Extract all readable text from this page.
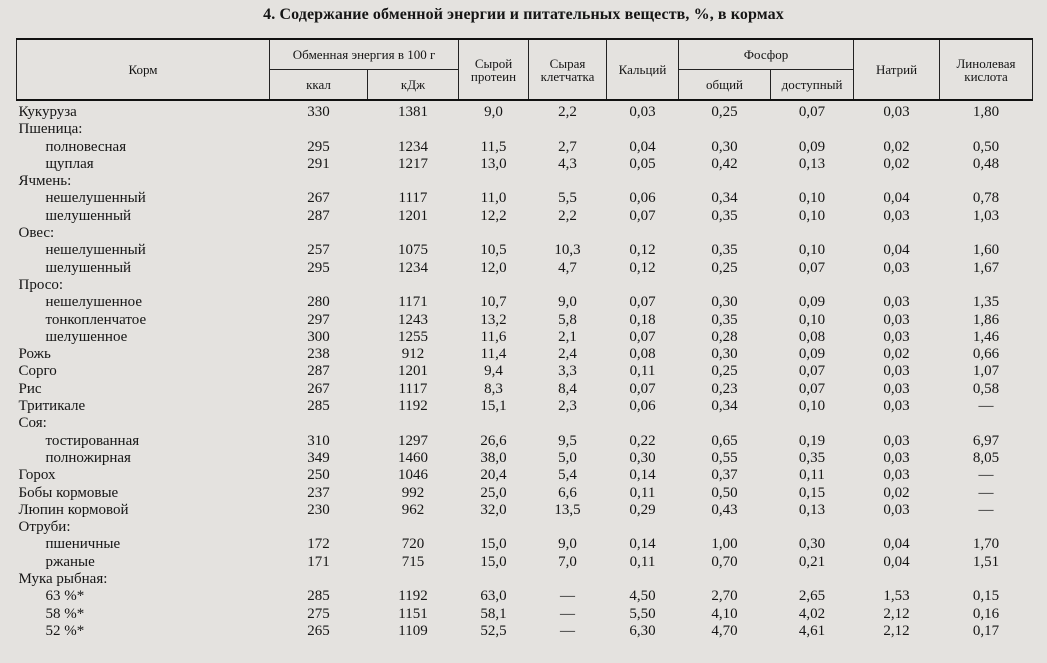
4. Содержание обменной энергии и питательных веществ, %, в кормах
Корм	Обменная энергия в 100 г		Сырой протеин	Сырая клетчатка	Кальций	Фосфор		Натрий	Линолевая кислота
	ккал	кДж				общий	доступный		
Кукуруза	330	1381	9,0	2,2	0,03	0,25	0,07	0,03	1,80
Пшеница:									
полновесная	295	1234	11,5	2,7	0,04	0,30	0,09	0,02	0,50
щуплая	291	1217	13,0	4,3	0,05	0,42	0,13	0,02	0,48
Ячмень:									
нешелушенный	267	1117	11,0	5,5	0,06	0,34	0,10	0,04	0,78
шелушенный	287	1201	12,2	2,2	0,07	0,35	0,10	0,03	1,03
Овес:									
нешелушенный	257	1075	10,5	10,3	0,12	0,35	0,10	0,04	1,60
шелушенный	295	1234	12,0	4,7	0,12	0,25	0,07	0,03	1,67
Просо:									
нешелушенное	280	1171	10,7	9,0	0,07	0,30	0,09	0,03	1,35
тонкопленчатое	297	1243	13,2	5,8	0,18	0,35	0,10	0,03	1,86
шелушенное	300	1255	11,6	2,1	0,07	0,28	0,08	0,03	1,46
Рожь	238	912	11,4	2,4	0,08	0,30	0,09	0,02	0,66
Сорго	287	1201	9,4	3,3	0,11	0,25	0,07	0,03	1,07
Рис	267	1117	8,3	8,4	0,07	0,23	0,07	0,03	0,58
Тритикале	285	1192	15,1	2,3	0,06	0,34	0,10	0,03	—
Соя:									
тостированная	310	1297	26,6	9,5	0,22	0,65	0,19	0,03	6,97
полножирная	349	1460	38,0	5,0	0,30	0,55	0,35	0,03	8,05
Горох	250	1046	20,4	5,4	0,14	0,37	0,11	0,03	—
Бобы кормовые	237	992	25,0	6,6	0,11	0,50	0,15	0,02	—
Люпин кормовой	230	962	32,0	13,5	0,29	0,43	0,13	0,03	—
Отруби:									
пшеничные	172	720	15,0	9,0	0,14	1,00	0,30	0,04	1,70
ржаные	171	715	15,0	7,0	0,11	0,70	0,21	0,04	1,51
Мука рыбная:									
63 %*	285	1192	63,0	—	4,50	2,70	2,65	1,53	0,15
58 %*	275	1151	58,1	—	5,50	4,10	4,02	2,12	0,16
52 %*	265	1109	52,5	—	6,30	4,70	4,61	2,12	0,17
